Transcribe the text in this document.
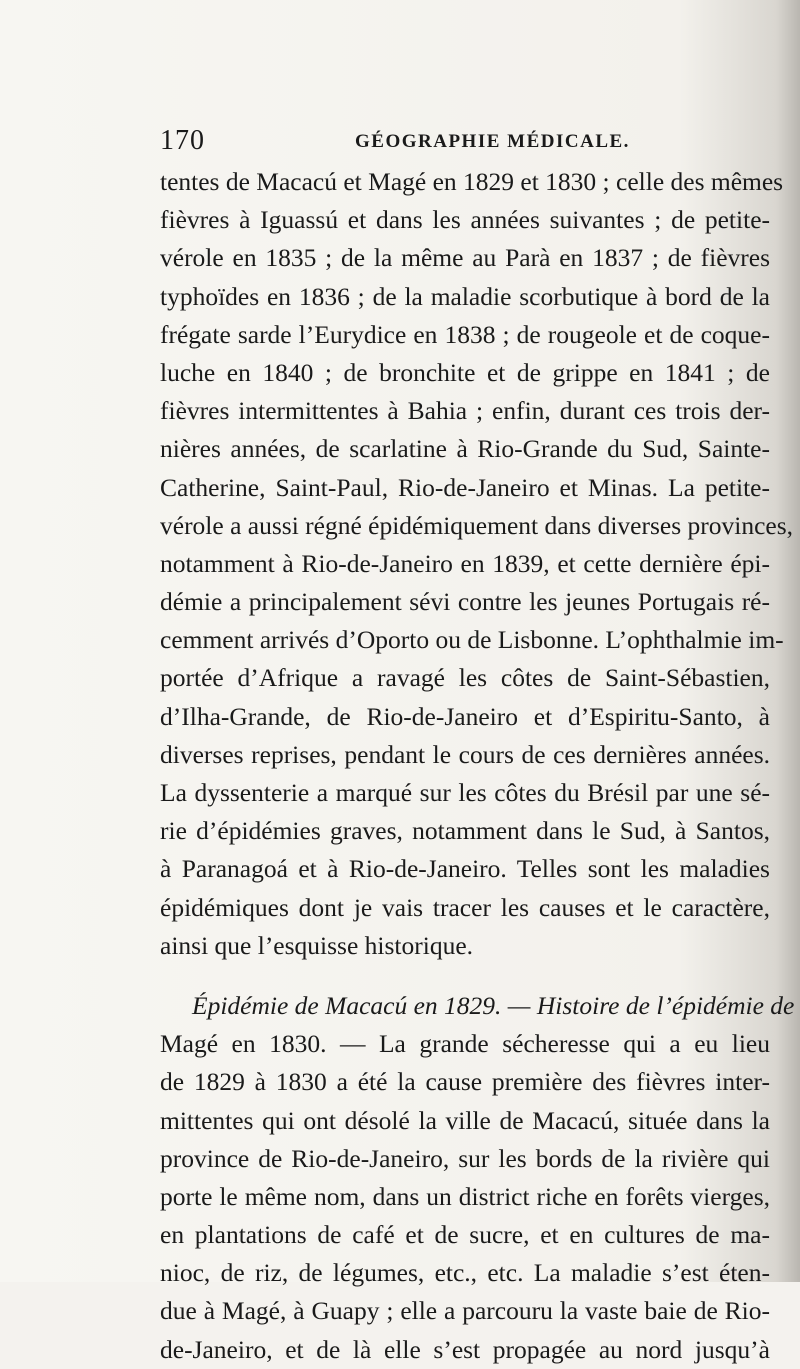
170	GÉOGRAPHIE MÉDICALE.
tentes de Macacú et Magé en 1829 et 1830 ; celle des mêmes
fièvres à Iguassú et dans les années suivantes ; de petite-
vérole en 1835 ; de la même au Parà en 1837 ; de fièvres
typhoïdes en 1836 ; de la maladie scorbutique à bord de la
frégate sarde l’Eurydice en 1838 ; de rougeole et de coque-
luche en 1840 ; de bronchite et de grippe en 1841 ; de
fièvres intermittentes à Bahia ; enfin, durant ces trois der-
nières années, de scarlatine à Rio-Grande du Sud, Sainte-
Catherine, Saint-Paul, Rio-de-Janeiro et Minas. La petite-
vérole a aussi régné épidémiquement dans diverses provinces,
notamment à Rio-de-Janeiro en 1839, et cette dernière épi-
démie a principalement sévi contre les jeunes Portugais ré-
cemment arrivés d’Oporto ou de Lisbonne. L’ophthalmie im-
portée d’Afrique a ravagé les côtes de Saint-Sébastien,
d’Ilha-Grande, de Rio-de-Janeiro et d’Espiritu-Santo, à
diverses reprises, pendant le cours de ces dernières années.
La dyssenterie a marqué sur les côtes du Brésil par une sé-
rie d’épidémies graves, notamment dans le Sud, à Santos,
à Paranagoá et à Rio-de-Janeiro. Telles sont les maladies
épidémiques dont je vais tracer les causes et le caractère,
ainsi que l’esquisse historique.
Épidémie de Macacú en 1829. — Histoire de l’épidémie de
Magé en 1830. — La grande sécheresse qui a eu lieu
de 1829 à 1830 a été la cause première des fièvres inter-
mittentes qui ont désolé la ville de Macacú, située dans la
province de Rio-de-Janeiro, sur les bords de la rivière qui
porte le même nom, dans un district riche en forêts vierges,
en plantations de café et de sucre, et en cultures de ma-
nioc, de riz, de légumes, etc., etc. La maladie s’est éten-
due à Magé, à Guapy ; elle a parcouru la vaste baie de Rio-
de-Janeiro, et de là elle s’est propagée au nord jusqu’à
